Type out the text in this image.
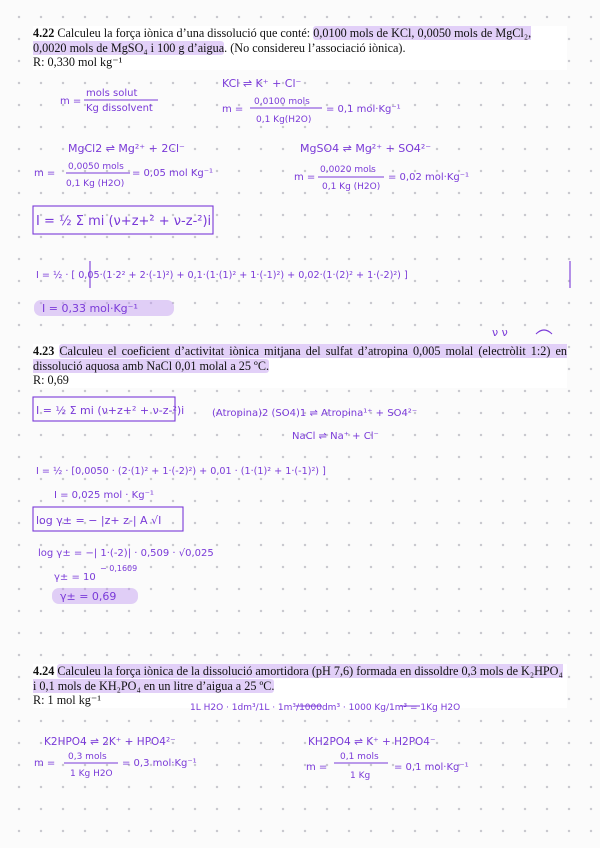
4.22 Calculeu la força iònica d’una dissolució que conté: 0,0100 mols de KCl, 0,0050 mols de MgCl₂, 0,0020 mols de MgSO₄ i 100 g d’aigua. (No considereu l’associació iònica).
R: 0,330 mol kg⁻¹
4.23 Calculeu el coeficient d’activitat iònica mitjana del sulfat d’atropina 0,005 molal (electròlit 1:2) en dissolució aquosa amb NaCl 0,01 molal a 25 ºC.
R: 0,69
4.24 Calculeu la força iònica de la dissolució amortidora (pH 7,6) formada en dissoldre 0,3 mols de K₂HPO₄ i 0,1 mols de KH₂PO₄ en un litre d’aigua a 25 ºC.
R: 1 mol kg⁻¹
mols solut
m =
Kg dissolvent
KCl ⇌ K⁺ + Cl⁻
m =
0,0100 mols
0,1 Kg(H2O)
= 0,1 mol·Kg⁻¹
MgCl2 ⇌ Mg²⁺ + 2Cl⁻
m =
0,0050 mols
0,1 Kg (H2O)
= 0,05 mol Kg⁻¹
MgSO4 ⇌ Mg²⁺ + SO4²⁻
m =
0,0020 mols
0,1 Kg (H2O)
= 0,02 mol·Kg⁻¹
I = ½ Σ mi (ν+z+² + ν-z-²)i
I = ½ · [ 0,05·(1·2² + 2·(-1)²) + 0,1·(1·(1)² + 1·(-1)²) + 0,02·(1·(2)² + 1·(-2)²) ]
I = 0,33 mol·Kg⁻¹
ν ν
I = ½ Σ mi (ν+z+² + ν-z-²)i	(Atropina)2 (SO4)1 ⇌ Atropina¹⁺ + SO4²⁻
NaCl ⇌ Na⁺ + Cl⁻
I = ½ · [0,0050 · (2·(1)² + 1·(-2)²) + 0,01 · (1·(1)² + 1·(-1)²) ]
I = 0,025 mol · Kg⁻¹
log γ± = − |z+ z-| A √I
log γ± = −| 1·(-2)| · 0,509 · √0,025
γ± = 10
− 0,1609
γ± = 0,69
1L H2O · 1dm³/1L · 1m³/1000dm³ · 1000 Kg/1m³ = 1Kg H2O
K2HPO4 ⇌ 2K⁺ + HPO4²⁻
m =
0,3 mols
1 Kg H2O
= 0,3 mol·Kg⁻¹
KH2PO4 ⇌ K⁺ + H2PO4⁻
m =
0,1 mols
1 Kg
= 0,1 mol·Kg⁻¹
